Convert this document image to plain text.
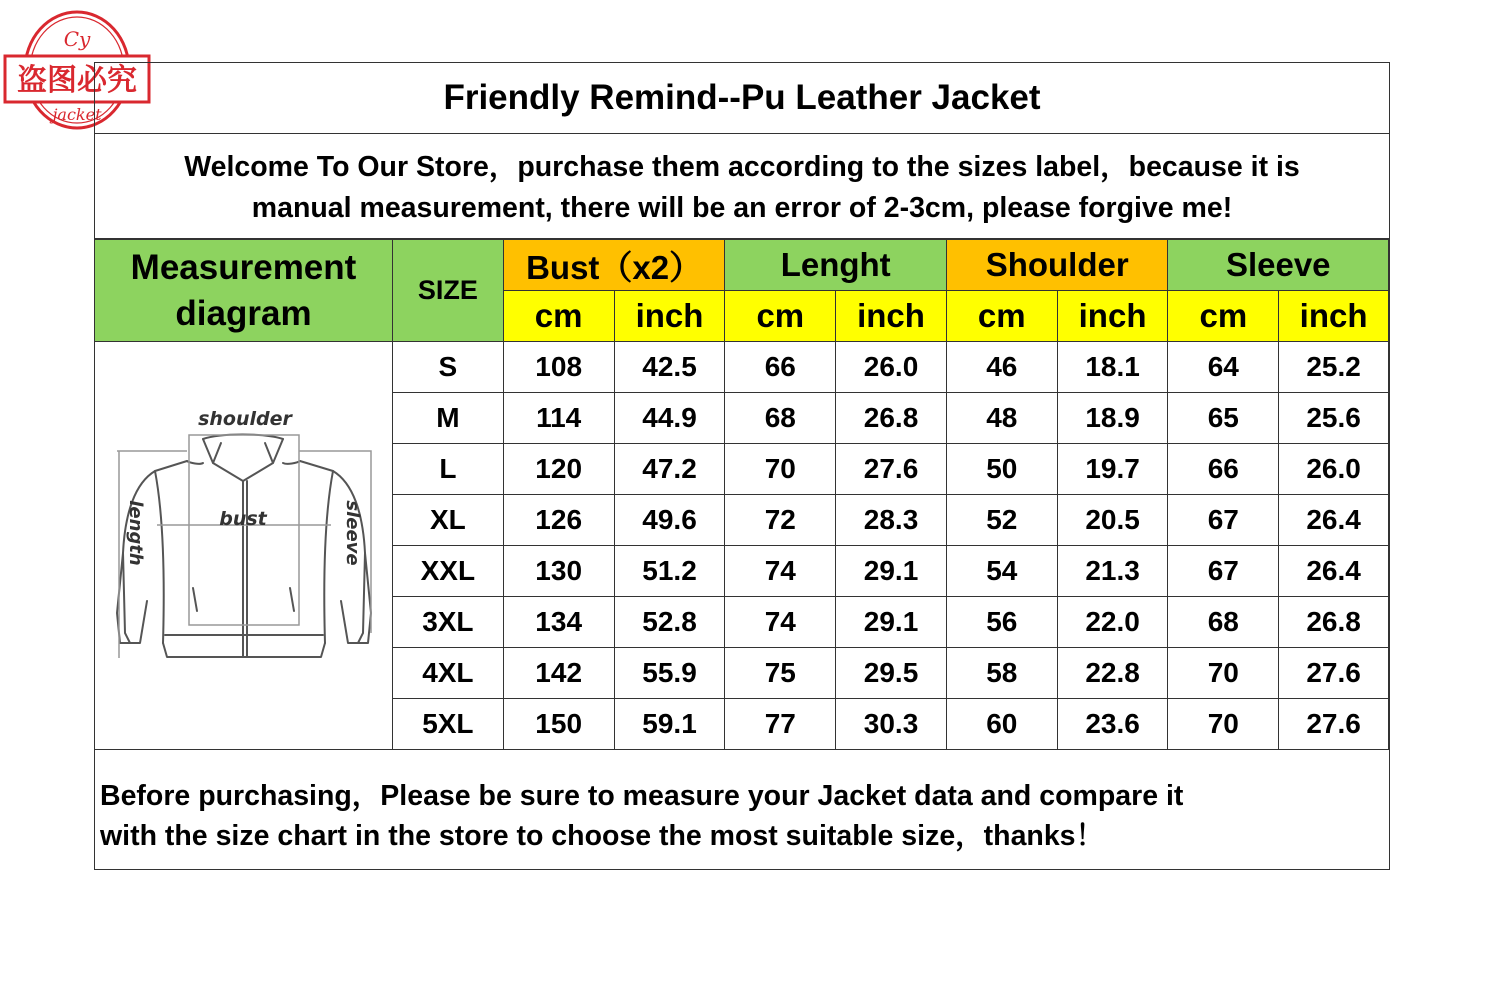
Cy
盗图必究
jacket	Friendly Remind--Pu Leather Jacket
Welcome To Our Store，purchase them according to the sizes label，because it is
manual measurement, there will be an error of 2-3cm, please forgive me!
Measurement
diagram	SIZE	Bust（x2）		Lenght		Shoulder		Sleeve	
		cm	inch	cm	inch	cm	inch	cm	inch

shoulder
bust
length sleeve	S	108	42.5	66	26.0	46	18.1	64	25.2
	M	114	44.9	68	26.8	48	18.9	65	25.6
	L	120	47.2	70	27.6	50	19.7	66	26.0
	XL	126	49.6	72	28.3	52	20.5	67	26.4
	XXL	130	51.2	74	29.1	54	21.3	67	26.4
	3XL	134	52.8	74	29.1	56	22.0	68	26.8
	4XL	142	55.9	75	29.5	58	22.8	70	27.6
	5XL	150	59.1	77	30.3	60	23.6	70	27.6
Before purchasing，Please be sure to measure your Jacket data and compare it
with the size chart in the store to choose the most suitable size，thanks！
